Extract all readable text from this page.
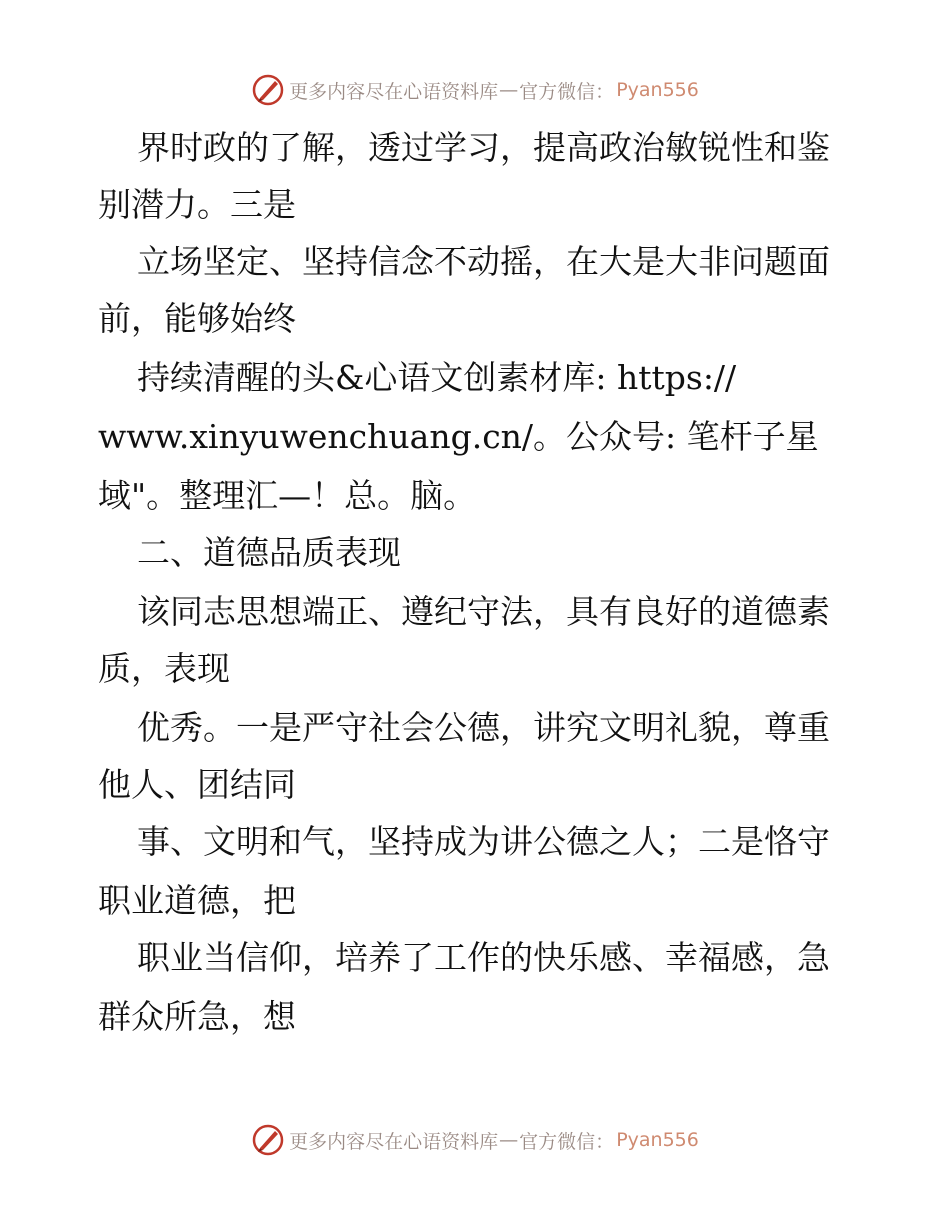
更多内容尽在心语资料库 — 官方微信： Pyan556
界时政的了解，透过学习，提高政治敏锐性和鉴
别潜力。三是
立场坚定、坚持信念不动摇，在大是大非问题面
前，能够始终
持续清醒的头&心语文创素材库: https://
www.xinyuwenchuang.cn/。公众号: 笔杆子星
域"。整理汇—！总。脑。
二、道德品质表现
该同志思想端正、遵纪守法，具有良好的道德素
质，表现
优秀。一是严守社会公德，讲究文明礼貌，尊重
他人、团结同
事、文明和气，坚持成为讲公德之人；二是恪守
职业道德，把
职业当信仰，培养了工作的快乐感、幸福感，急
群众所急，想
更多内容尽在心语资料库 — 官方微信： Pyan556
